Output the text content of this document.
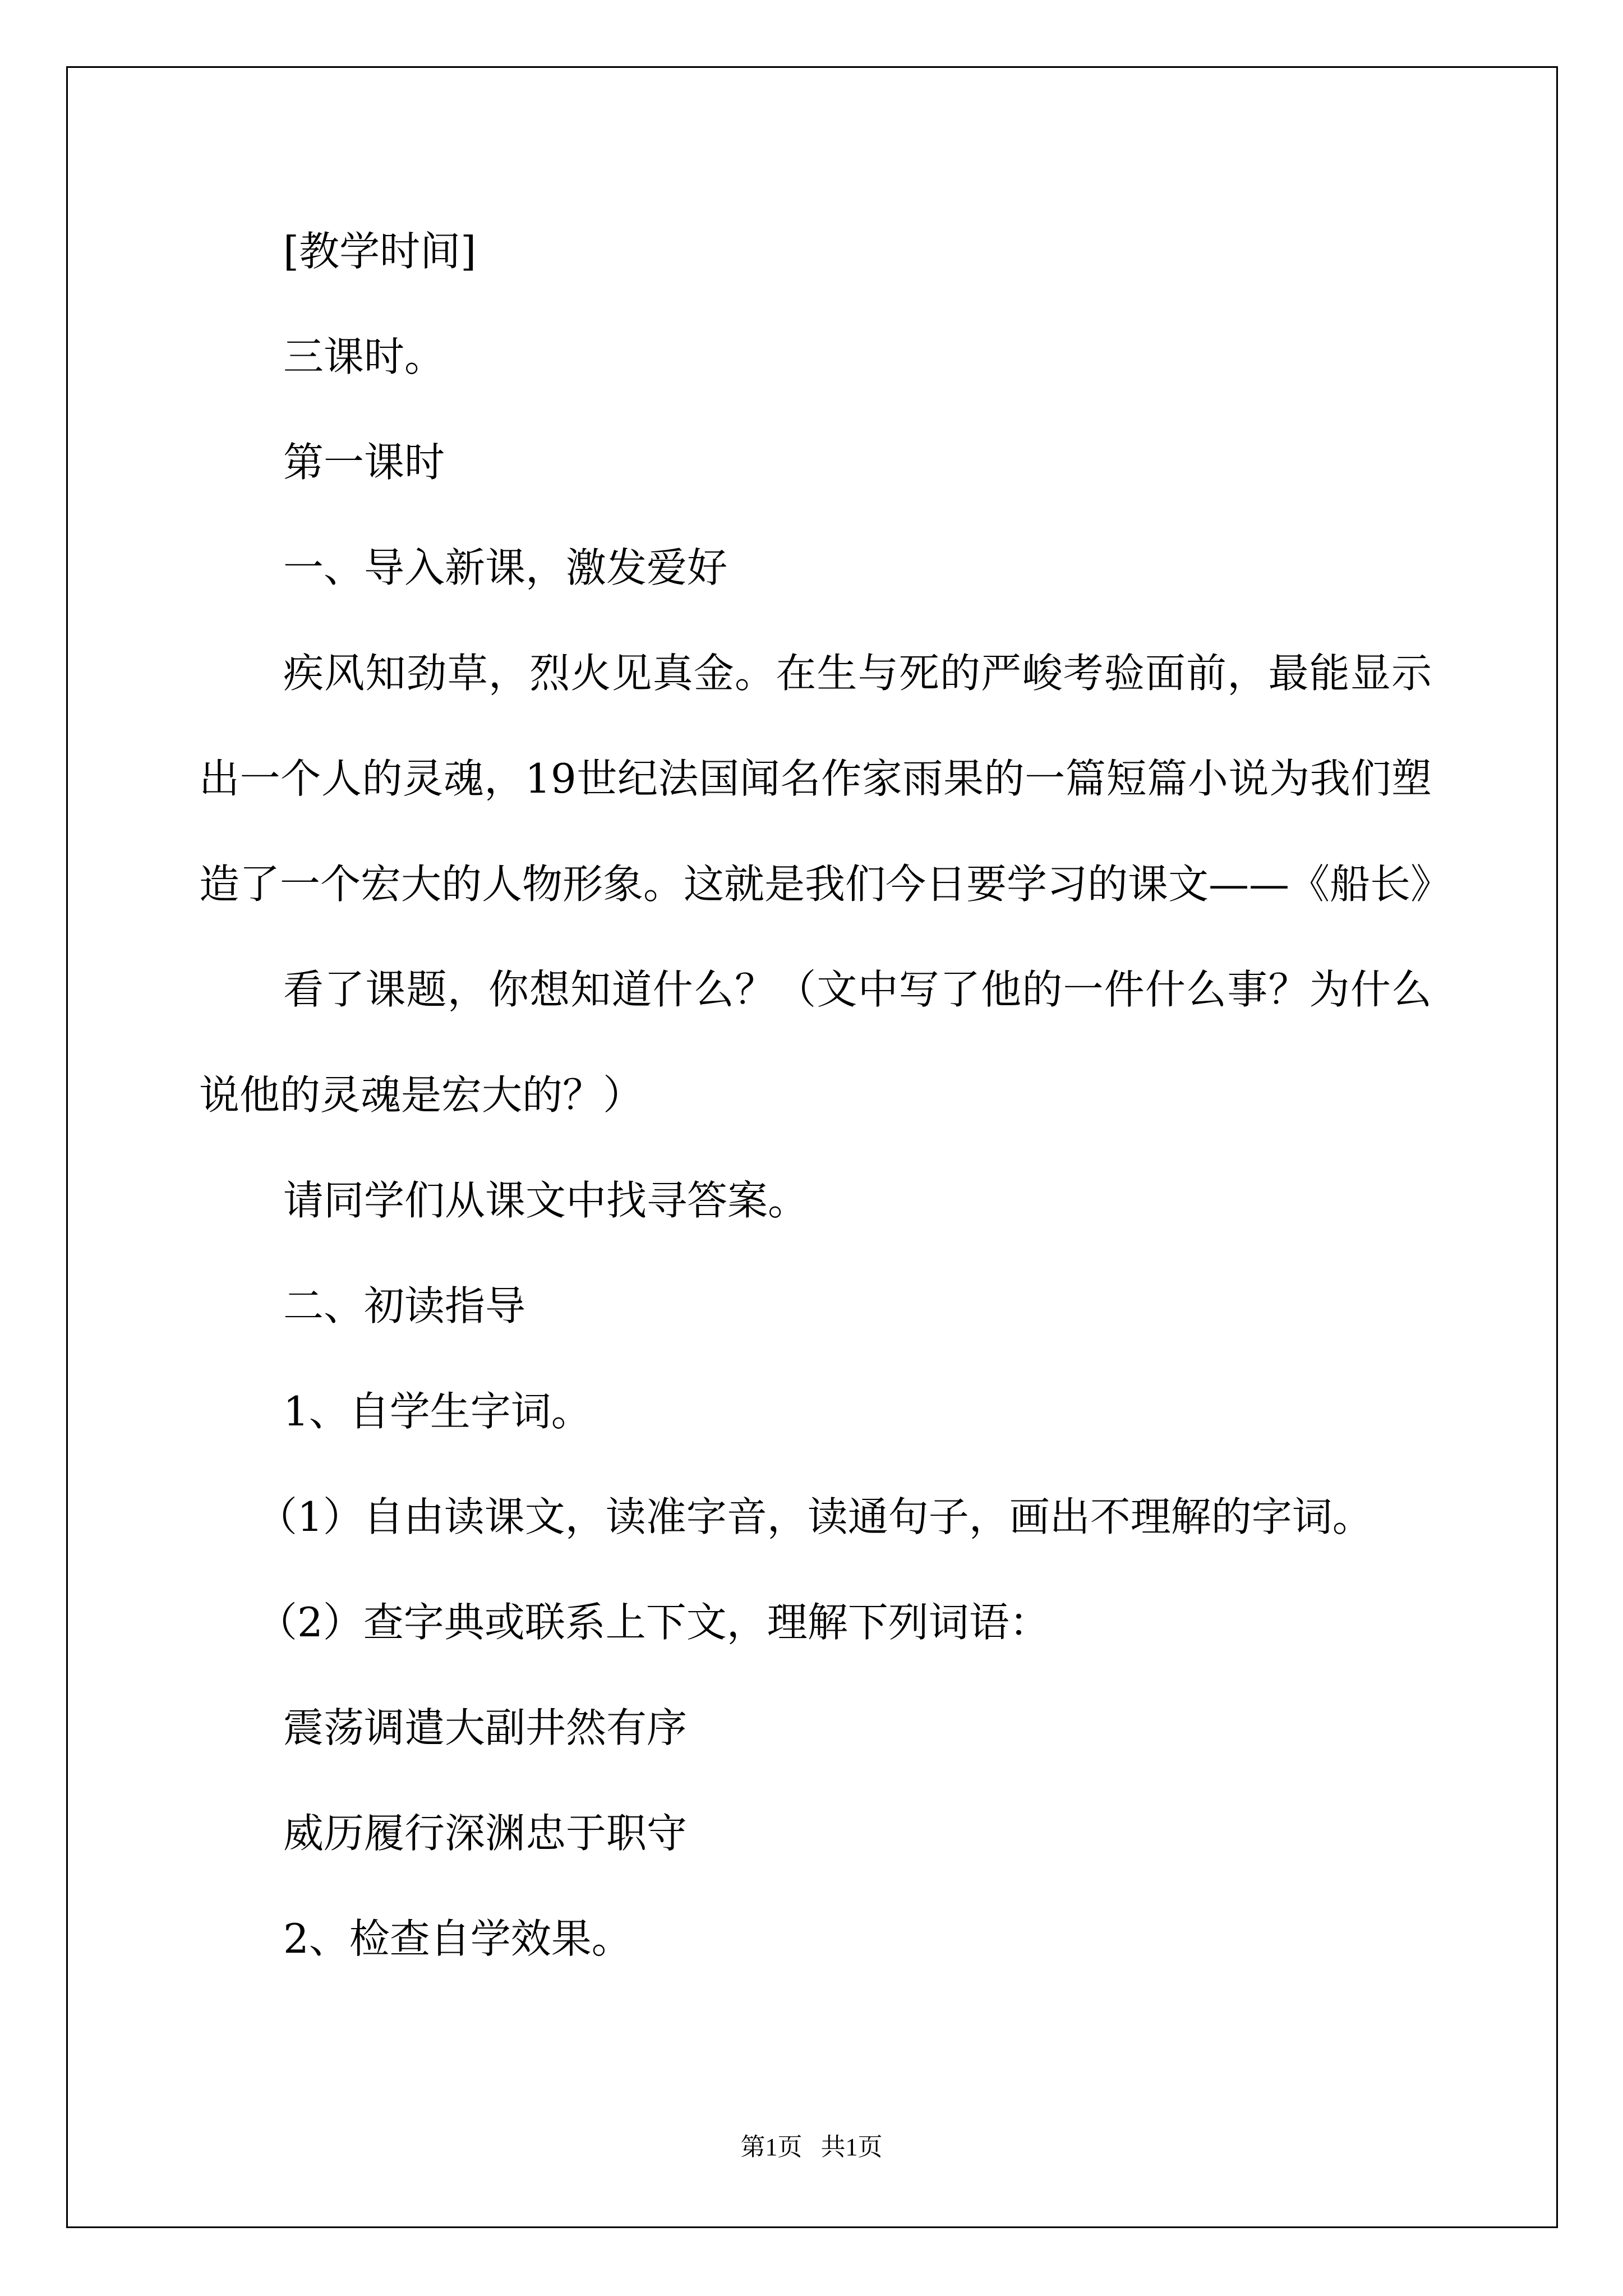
[教学时间]
三课时。
第一课时
一、导入新课，激发爱好
疾风知劲草，烈火见真金。在生与死的严峻考验面前，最能显示
出一个人的灵魂，19世纪法国闻名作家雨果的一篇短篇小说为我们塑
造了一个宏大的人物形象。这就是我们今日要学习的课文——《船长》
看了课题，你想知道什么？（文中写了他的一件什么事？为什么
说他的灵魂是宏大的？）
请同学们从课文中找寻答案。
二、初读指导
1、自学生字词。
（1）自由读课文，读准字音，读通句子，画出不理解的字词。
（2）查字典或联系上下文，理解下列词语：
震荡调遣大副井然有序
威历履行深渊忠于职守
2、检查自学效果。
第1页   共1页
